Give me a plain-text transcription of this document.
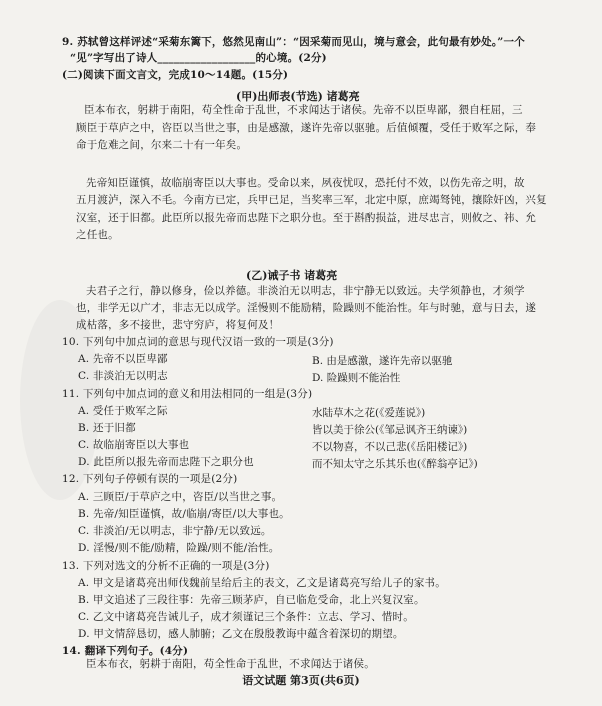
9. 苏轼曾这样评述“采菊东篱下，悠然见南山”：“因采菊而见山，境与意会，此句最有妙处。”一个
“见”字写出了诗人__________________的心境。(2分)
(二)阅读下面文言文，完成10～14题。(15分)
(甲)出师表(节选) 诸葛亮
臣本布衣，躬耕于南阳，苟全性命于乱世，不求闻达于诸侯。先帝不以臣卑鄙，猥自枉屈，三
顾臣于草庐之中，咨臣以当世之事，由是感激，遂许先帝以驱驰。后值倾覆，受任于败军之际，奉
命于危难之间，尔来二十有一年矣。
先帝知臣谨慎，故临崩寄臣以大事也。受命以来，夙夜忧叹，恐托付不效，以伤先帝之明，故
五月渡泸，深入不毛。今南方已定，兵甲已足，当奖率三军，北定中原，庶竭驽钝，攘除奸凶，兴复
汉室，还于旧都。此臣所以报先帝而忠陛下之职分也。至于斟酌损益，进尽忠言，则攸之、祎、允
之任也。
(乙)诫子书 诸葛亮
夫君子之行，静以修身，俭以养德。非淡泊无以明志，非宁静无以致远。夫学须静也，才须学
也，非学无以广才，非志无以成学。淫慢则不能励精，险躁则不能治性。年与时驰，意与日去，遂
成枯落，多不接世，悲守穷庐，将复何及！
10. 下列句中加点词的意思与现代汉语一致的一项是(3分)
A. 先帝不以臣卑鄙	B. 由是感激，遂许先帝以驱驰
C. 非淡泊无以明志	D. 险躁则不能治性
11. 下列句中加点词的意义和用法相同的一组是(3分)
A. 受任于败军之际	水陆草木之花(《爱莲说》)
B. 还于旧都	皆以美于徐公(《邹忌讽齐王纳谏》)
C. 故临崩寄臣以大事也	不以物喜，不以己悲(《岳阳楼记》)
D. 此臣所以报先帝而忠陛下之职分也	而不知太守之乐其乐也(《醉翁亭记》)
12. 下列句子停顿有误的一项是(2分)
A. 三顾臣/于草庐之中，咨臣/以当世之事。
B. 先帝/知臣谨慎，故/临崩/寄臣/以大事也。
C. 非淡泊/无以明志，非宁静/无以致远。
D. 淫慢/则不能/励精，险躁/则不能/治性。
13. 下列对选文的分析不正确的一项是(3分)
A. 甲文是诸葛亮出师伐魏前呈给后主的表文，乙文是诸葛亮写给儿子的家书。
B. 甲文追述了三段往事：先帝三顾茅庐，自已临危受命，北上兴复汉室。
C. 乙文中诸葛亮告诫儿子，成才须谨记三个条件：立志、学习、惜时。
D. 甲文情辞恳切，感人肺腑；乙文在殷殷教诲中蕴含着深切的期望。
14. 翻译下列句子。(4分)
臣本布衣，躬耕于南阳，苟全性命于乱世，不求闻达于诸侯。
语文试题 第3页(共6页)
